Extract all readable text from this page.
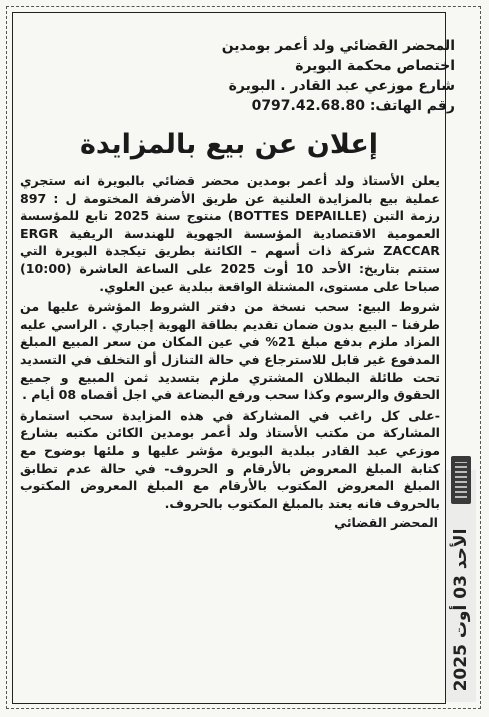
المحضر القضائي ولد أعمر بومدين
اختصاص محكمة البويرة
شارع موزعي عبد القادر . البويرة
رقم الهاتف: 0797.42.68.80
إعلان عن بيع بالمزايدة

يعلن الأستاذ ولد أعمر بومدين محضر قضائي بالبويرة انه ستجري عملية بيع بالمزايدة العلنية عن طريق الأضرفة المختومة ل : 897 رزمة التبن (BOTTES DEPAILLE) منتوج سنة 2025 تابع للمؤسسة العمومية الاقتصادية المؤسسة الجهوية للهندسة الريفية ERGR ZACCAR شركة ذات أسهم – الكائنة بطريق تيكجدة البويرة التي ستتم بتاريخ: الأحد 10 أوت 2025 على الساعة العاشرة (10:00) صباحا على مستوى، المشتلة الواقعة ببلدية عين العلوي.

شروط البيع: سحب نسخة من دفتر الشروط المؤشرة عليها من طرفنا – البيع بدون ضمان تقديم بطاقة الهوية إجباري . الراسي عليه المزاد ملزم بدفع مبلغ 21% في عين المكان من سعر المبيع المبلغ المدفوع غير قابل للاسترجاع في حالة التنازل أو التخلف في التسديد تحت طائلة البطلان المشتري ملزم بتسديد ثمن المبيع و جميع الحقوق والرسوم وكذا سحب ورفع البضاعة في اجل أقصاه 08 أيام .

-على كل راغب في المشاركة في هذه المزايدة سحب استمارة المشاركة من مكتب الأستاذ ولد أعمر بومدين الكائن مكتبه بشارع موزعي عبد القادر ببلدية البويرة مؤشر عليها و ملئها بوضوح مع كتابة المبلغ المعروض بالأرقام و الحروف- في حالة عدم تطابق المبلغ المعروض المكتوب بالأرقام مع المبلغ المعروض المكتوب بالحروف فانه يعتد بالمبلغ المكتوب بالحروف.

المحضر القضائي

الأحد 03 أوت 2025
